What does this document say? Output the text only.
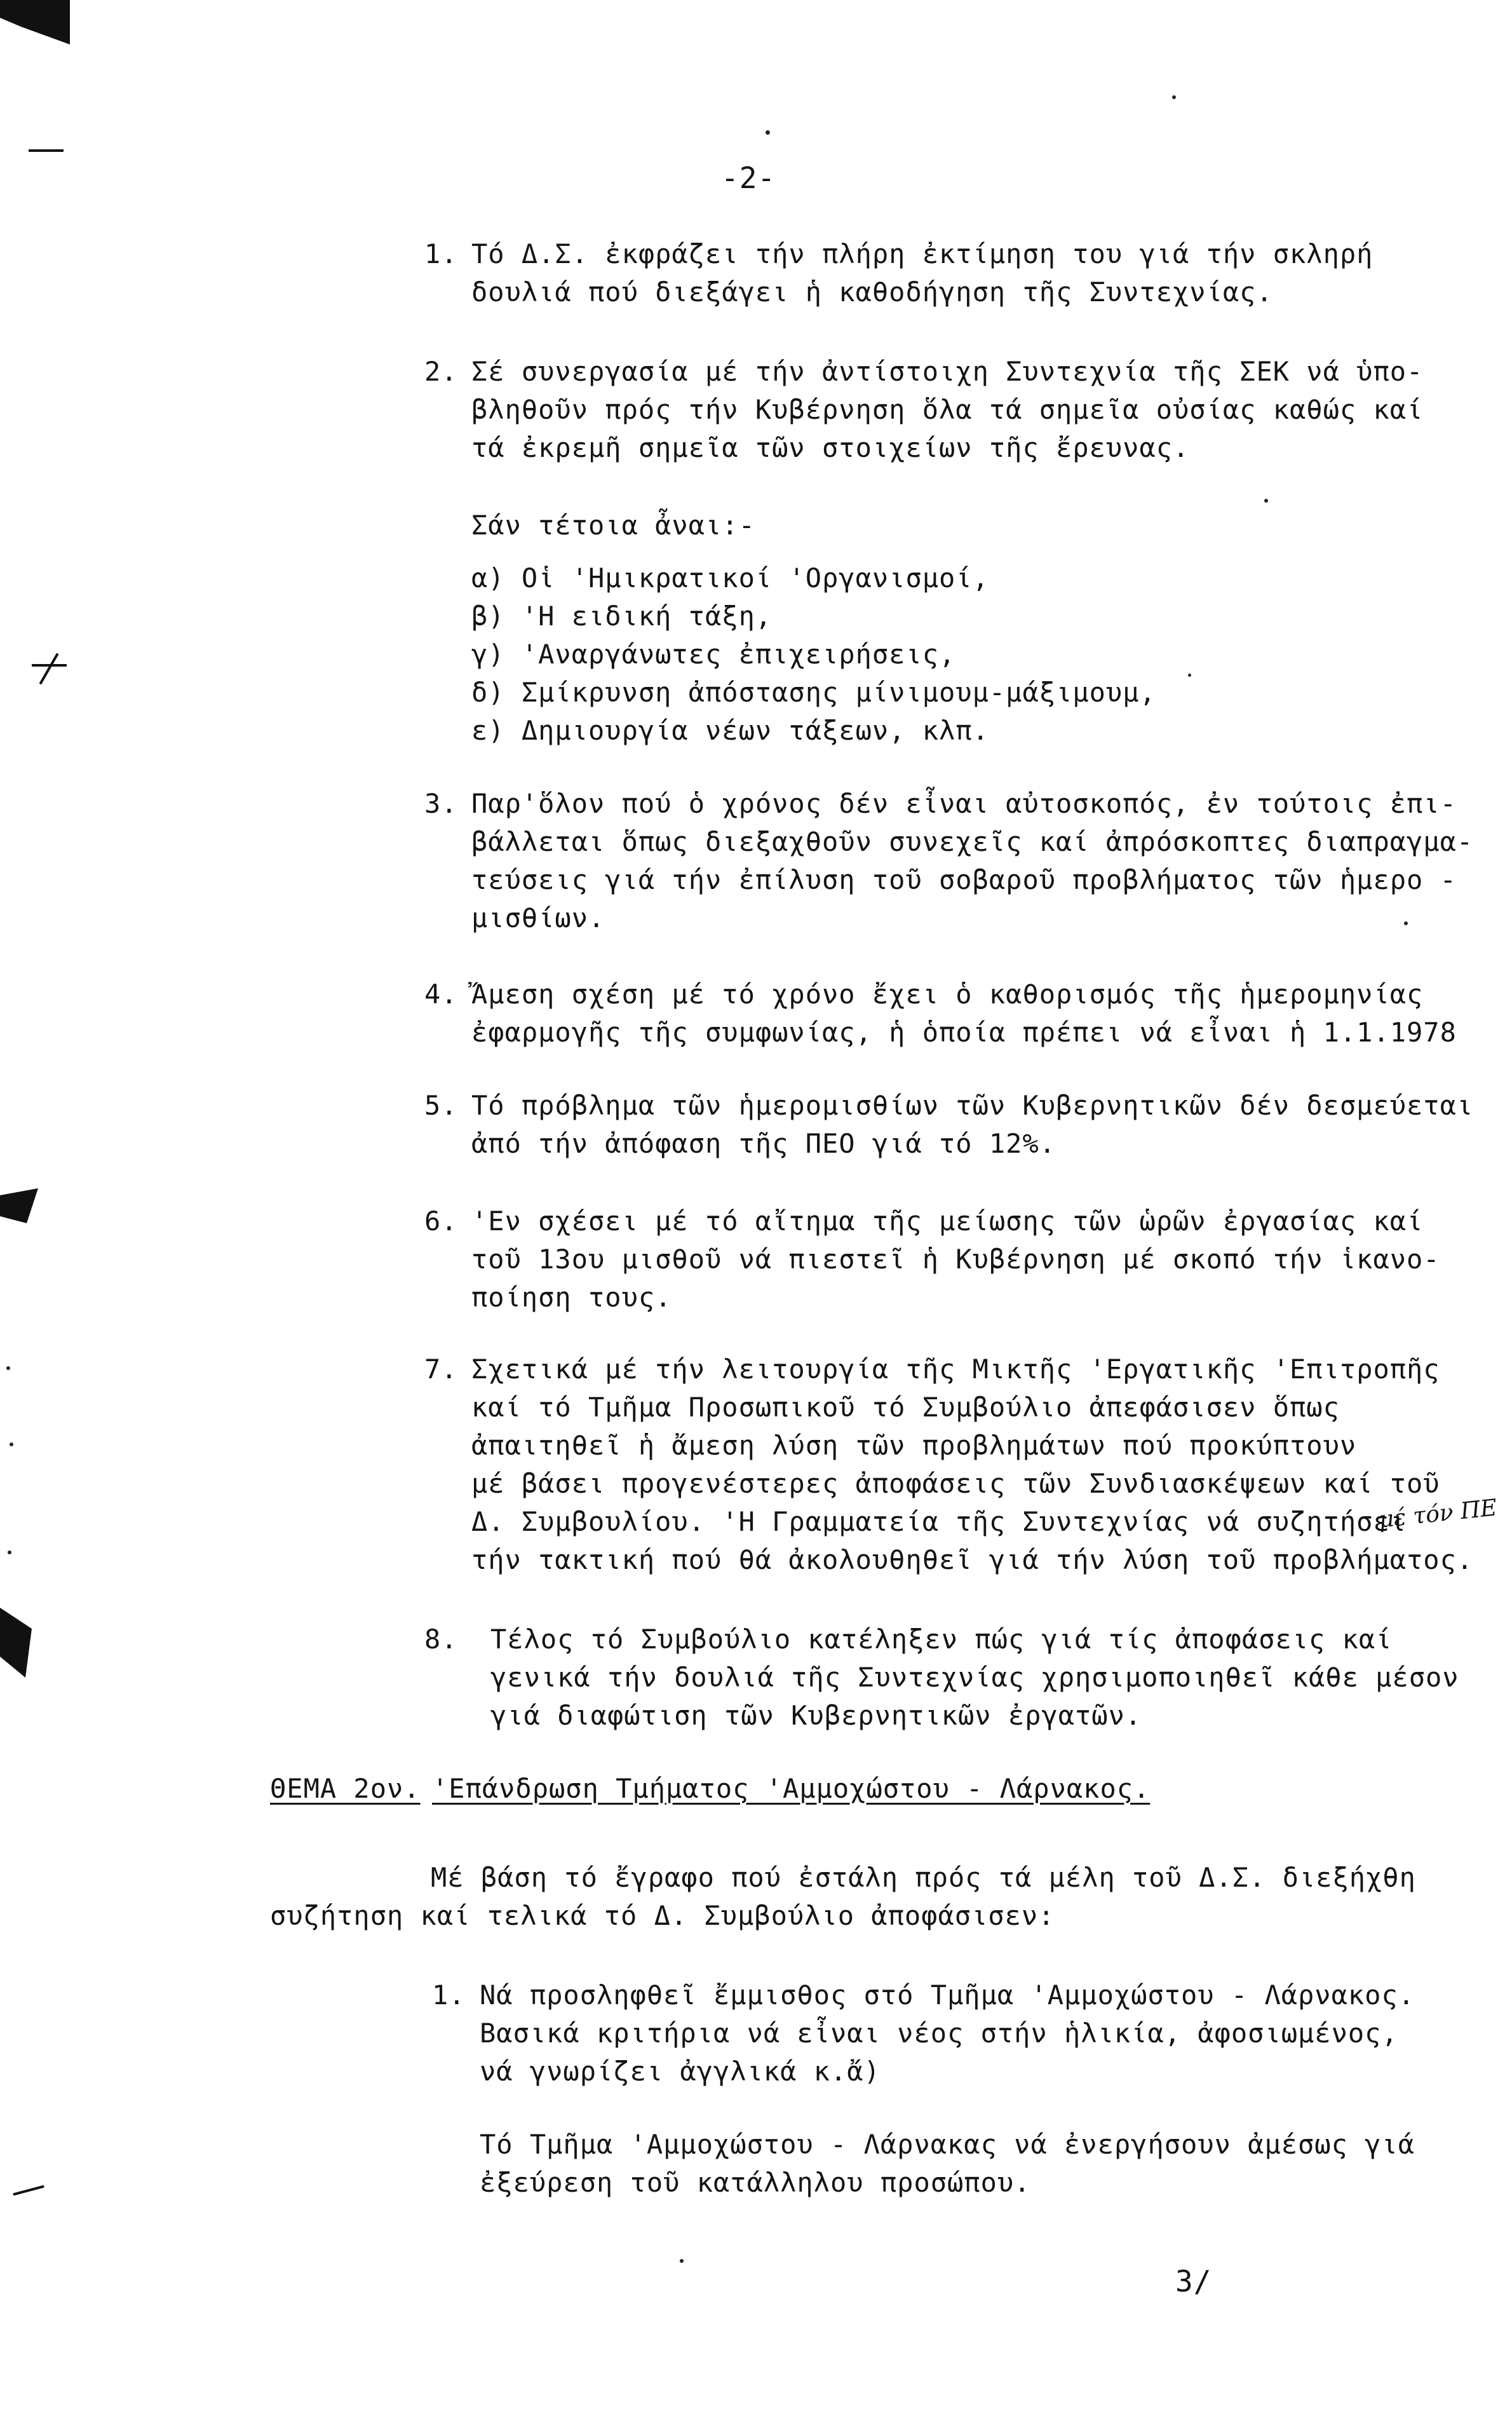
-2-
1. Τό Δ.Σ. ἐκφράζει τήν πλήρη ἐκτίμηση του γιά τήν σκληρή
δουλιά πού διεξάγει ἡ καθοδήγηση τῆς Συντεχνίας.
2. Σέ συνεργασία μέ τήν ἀντίστοιχη Συντεχνία τῆς ΣΕΚ νά ὑπο-
βληθοῦν πρός τήν Κυβέρνηση ὅλα τά σημεῖα οὐσίας καθώς καί
τά ἐκρεμῆ σημεῖα τῶν στοιχείων τῆς ἔρευνας.
Σάν τέτοια ἆναι:-
α) Οἱ 'Ημικρατικοί 'Οργανισμοί,
β) 'Η ειδική τάξη,
γ) 'Αναργάνωτες ἐπιχειρήσεις,
δ) Σμίκρυνση ἀπόστασης μίνιμουμ-μάξιμουμ,
ε) Δημιουργία νέων τάξεων, κλπ.
3. Παρ'ὅλον πού ὁ χρόνος δέν εἶναι αὐτοσκοπός, ἐν τούτοις ἐπι-
βάλλεται ὅπως διεξαχθοῦν συνεχεῖς καί ἀπρόσκοπτες διαπραγμα-
τεύσεις γιά τήν ἐπίλυση τοῦ σοβαροῦ προβλήματος τῶν ἡμερο -
μισθίων.
4. Ἄμεση σχέση μέ τό χρόνο ἔχει ὁ καθορισμός τῆς ἡμερομηνίας
ἐφαρμογῆς τῆς συμφωνίας, ἡ ὁποία πρέπει νά εἶναι ἡ 1.1.1978
5. Τό πρόβλημα τῶν ἡμερομισθίων τῶν Κυβερνητικῶν δέν δεσμεύεται
ἀπό τήν ἀπόφαση τῆς ΠΕΟ γιά τό 12%.
6. 'Εν σχέσει μέ τό αἴτημα τῆς μείωσης τῶν ὡρῶν ἐργασίας καί
τοῦ 13ου μισθοῦ νά πιεστεῖ ἡ Κυβέρνηση μέ σκοπό τήν ἱκανο-
ποίηση τους.
7. Σχετικά μέ τήν λειτουργία τῆς Μικτῆς 'Εργατικῆς 'Επιτροπῆς
καί τό Τμῆμα Προσωπικοῦ τό Συμβούλιο ἀπεφάσισεν ὅπως
ἀπαιτηθεῖ ἡ ἄμεση λύση τῶν προβλημάτων πού προκύπτουν
μέ βάσει προγενέστερες ἀποφάσεις τῶν Συνδιασκέψεων καί τοῦ
Δ. Συμβουλίου. 'Η Γραμματεία τῆς Συντεχνίας νά συζητήσει
μέ τόν ΠΕ
τήν τακτική πού θά ἀκολουθηθεῖ γιά τήν λύση τοῦ προβλήματος.
8. Τέλος τό Συμβούλιο κατέληξεν πώς γιά τίς ἀποφάσεις καί
γενικά τήν δουλιά τῆς Συντεχνίας χρησιμοποιηθεῖ κάθε μέσον
γιά διαφώτιση τῶν Κυβερνητικῶν ἐργατῶν.
ΘΕΜΑ 2ον. 'Επάνδρωση Τμήματος 'Αμμοχώστου - Λάρνακος.
Μέ βάση τό ἔγραφο πού ἐστάλη πρός τά μέλη τοῦ Δ.Σ. διεξήχθη
συζήτηση καί τελικά τό Δ. Συμβούλιο ἀποφάσισεν:
1. Νά προσληφθεῖ ἔμμισθος στό Τμῆμα 'Αμμοχώστου - Λάρνακος.
Βασικά κριτήρια νά εἶναι νέος στήν ἡλικία, ἀφοσιωμένος,
νά γνωρίζει ἀγγλικά κ.ἄ)
Τό Τμῆμα 'Αμμοχώστου - Λάρνακας νά ἐνεργήσουν ἀμέσως γιά
ἐξεύρεση τοῦ κατάλληλου προσώπου.
3/
